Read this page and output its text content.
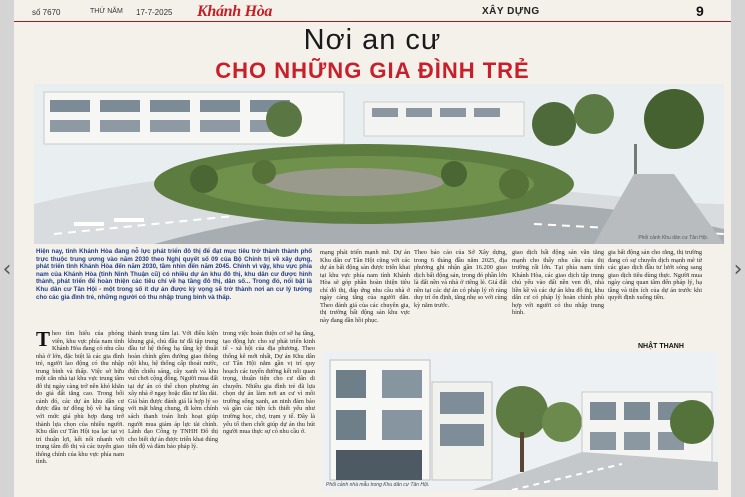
‹	›
số 7670	THỨ NĂM 17-7-2025 Khánh Hòa	XÂY DỰNG	9
Nơi an cư
CHO NHỮNG GIA ĐÌNH TRẺ
Phối cảnh Khu dân cư Tân Hội.

Hiện nay, tỉnh Khánh Hòa đang nỗ lực phát triển đô thị để đạt mục tiêu trở thành thành phố trực thuộc trung ương vào năm 2030 theo Nghị quyết số 09 của Bộ Chính trị về xây dựng, phát triển tỉnh Khánh Hòa đến năm 2030, tầm nhìn đến năm 2045. Chính vì vậy, khu vực phía nam của Khánh Hòa (tỉnh Ninh Thuận cũ) có nhiều dự án khu đô thị, khu dân cư được hình thành, phát triển để hoàn thiện các tiêu chí về hạ tầng đô thị, dân số... Trong đó, nổi bật là Khu dân cư Tân Hội - một trong số ít dự án được kỳ vọng sẽ trở thành nơi an cư lý tưởng cho các gia đình trẻ, những người có thu nhập trung bình và thấp.

Theo tìm hiểu của phóng viên, khu vực phía nam tỉnh Khánh Hòa đang có nhu cầu nhà ở lớn, đặc biệt là các gia đình trẻ, người lao động có thu nhập trung bình và thấp. Việc sở hữu một căn nhà tại khu vực trung tâm đô thị ngày càng trở nên khó khăn do giá đất tăng cao. Trong bối cảnh đó, các dự án khu dân cư được đầu tư đồng bộ về hạ tầng với mức giá phù hợp đang trở thành lựa chọn của nhiều người. Khu dân cư Tân Hội tọa lạc tại vị trí thuận lợi, kết nối nhanh với trung tâm đô thị và các tuyến giao thông chính của khu vực phía nam tỉnh.
thành trung tâm lại. Với điều kiện khung giá, chủ đầu tư đã tập trung đầu tư hệ thống hạ tầng kỹ thuật hoàn chỉnh gồm đường giao thông nội khu, hệ thống cấp thoát nước, điện chiếu sáng, cây xanh và khu vui chơi cộng đồng. Người mua đất tại dự án có thể chọn phương án xây nhà ở ngay hoặc đầu tư lâu dài. Giá bán được đánh giá là hợp lý so với mặt bằng chung, đi kèm chính sách thanh toán linh hoạt giúp người mua giảm áp lực tài chính. Lãnh đạo Công ty TNHH Đô thị cho biết dự án được triển khai đúng tiến độ và đảm bảo pháp lý.
trong việc hoàn thiện cơ sở hạ tầng, tạo động lực cho sự phát triển kinh tế - xã hội của địa phương. Theo thống kê mới nhất, Dự án Khu dân cư Tân Hội nằm gần vị trí quy hoạch các tuyến đường kết nối quan trọng, thuận tiện cho cư dân di chuyển. Nhiều gia đình trẻ đã lựa chọn dự án làm nơi an cư vì môi trường sống xanh, an ninh đảm bảo và gần các tiện ích thiết yếu như trường học, chợ, trạm y tế. Đây là yếu tố then chốt giúp dự án thu hút người mua thực sự có nhu cầu ở.
mạng phát triển mạnh mẽ. Dự án Khu dân cư Tân Hội cũng với các dự án bất động sản được triển khai tại khu vực phía nam tỉnh Khánh Hòa sẽ góp phần hoàn thiện tiêu chí đô thị, đáp ứng nhu cầu nhà ở ngày càng tăng của người dân. Theo đánh giá của các chuyên gia, thị trường bất động sản khu vực này đang dần hồi phục.
Theo báo cáo của Sở Xây dựng, trong 6 tháng đầu năm 2025, địa phương ghi nhận gần 16.200 giao dịch bất động sản, trong đó phần lớn là đất nền và nhà ở riêng lẻ. Giá đất nền tại các dự án có pháp lý rõ ràng duy trì ổn định, tăng nhẹ so với cùng kỳ năm trước.
giao dịch bất động sản vẫn tăng mạnh cho thấy nhu cầu của thị trường rất lớn. Tại phía nam tỉnh Khánh Hòa, các giao dịch tập trung chủ yếu vào đất nền ven đô, nhà liền kề và các dự án khu đô thị, khu dân cư có pháp lý hoàn chỉnh phù hợp với người có thu nhập trung bình.
gia bất động sản cho rằng, thị trường đang có sự chuyển dịch mạnh mẽ từ các giao dịch đầu tư lướt sóng sang giao dịch tiêu dùng thực. Người mua ngày càng quan tâm đến pháp lý, hạ tầng và tiện ích của dự án trước khi quyết định xuống tiền.
NHẬT THANH
Phối cảnh nhà mẫu trong Khu dân cư Tân Hội.
